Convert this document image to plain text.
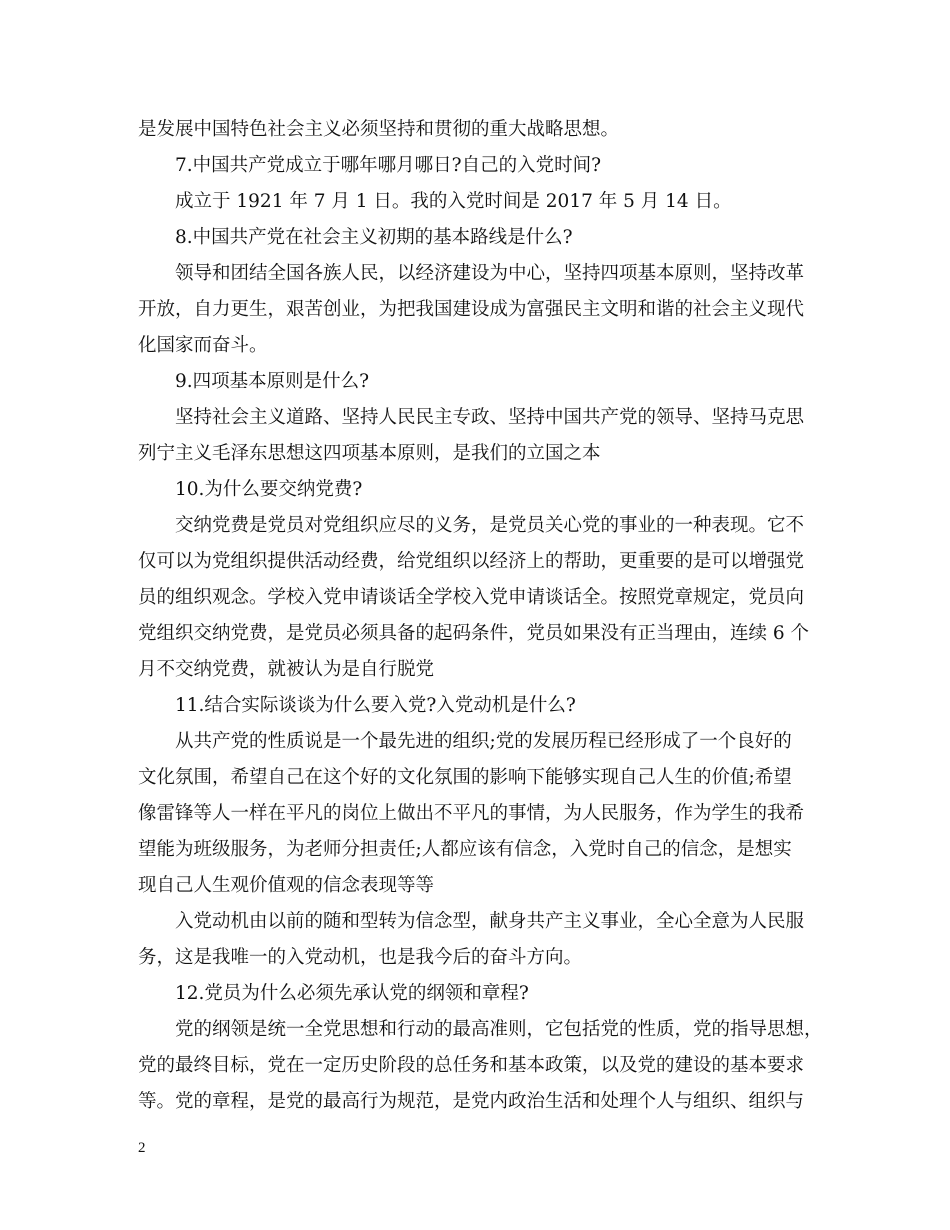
是发展中国特色社会主义必须坚持和贯彻的重大战略思想。
7.中国共产党成立于哪年哪月哪日?自己的入党时间?
成立于 1921 年 7 月 1 日。我的入党时间是 2017 年 5 月 14 日。
8.中国共产党在社会主义初期的基本路线是什么?
领导和团结全国各族人民，以经济建设为中心，坚持四项基本原则，坚持改革
开放，自力更生，艰苦创业，为把我国建设成为富强民主文明和谐的社会主义现代
化国家而奋斗。
9.四项基本原则是什么?
坚持社会主义道路、坚持人民民主专政、坚持中国共产党的领导、坚持马克思
列宁主义毛泽东思想这四项基本原则，是我们的立国之本
10.为什么要交纳党费?
交纳党费是党员对党组织应尽的义务，是党员关心党的事业的一种表现。它不
仅可以为党组织提供活动经费，给党组织以经济上的帮助，更重要的是可以增强党
员的组织观念。学校入党申请谈话全学校入党申请谈话全。按照党章规定，党员向
党组织交纳党费，是党员必须具备的起码条件，党员如果没有正当理由，连续 6 个
月不交纳党费，就被认为是自行脱党
11.结合实际谈谈为什么要入党?入党动机是什么?
从共产党的性质说是一个最先进的组织;党的发展历程已经形成了一个良好的
文化氛围，希望自己在这个好的文化氛围的影响下能够实现自己人生的价值;希望
像雷锋等人一样在平凡的岗位上做出不平凡的事情，为人民服务，作为学生的我希
望能为班级服务，为老师分担责任;人都应该有信念，入党时自己的信念，是想实
现自己人生观价值观的信念表现等等
入党动机由以前的随和型转为信念型，献身共产主义事业，全心全意为人民服
务，这是我唯一的入党动机，也是我今后的奋斗方向。
12.党员为什么必须先承认党的纲领和章程?
党的纲领是统一全党思想和行动的最高准则，它包括党的性质，党的指导思想，
党的最终目标，党在一定历史阶段的总任务和基本政策，以及党的建设的基本要求
等。党的章程，是党的最高行为规范，是党内政治生活和处理个人与组织、组织与
2
